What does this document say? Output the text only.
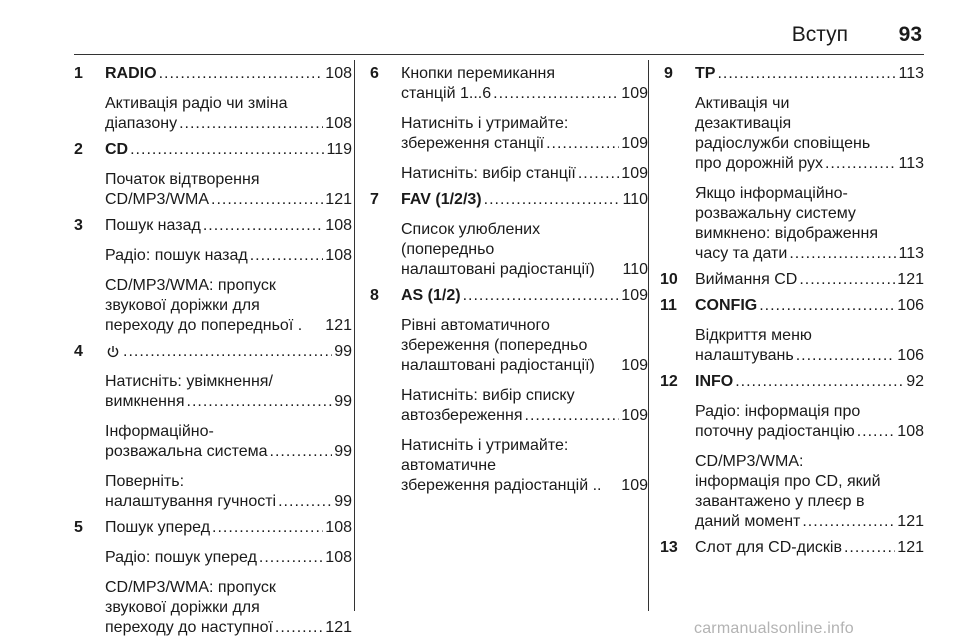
Вступ 93
1 RADIO .....	108
Активація радіо чи зміна
діапазону .....	108
2 CD .....	119
Початок відтворення
CD/MP3/WMA .....	121
3 Пошук назад .....	108
Радіо: пошук назад .....	108
CD/MP3/WMA: пропуск
звукової доріжки для
переходу до попередньої . 121
4 .....	99
Натисніть: увімкнення/
вимкнення .....	99
Інформаційно-
розважальна система .....	99
Поверніть:
налаштування гучності .....	99
5 Пошук уперед .....	108
Радіо: пошук уперед .....	108
CD/MP3/WMA: пропуск
звукової доріжки для
переходу до наступної .....	121
6 Кнопки перемикання
станцій 1...6 .....	109
Натисніть і утримайте:
збереження станції .....	109
Натисніть: вибір станції .....	109
7 FAV (1/2/3) .....	110
Список улюблених
(попередньо
налаштовані радіостанції) 110
8 AS (1/2) .....	109
Рівні автоматичного
збереження (попередньо
налаштовані радіостанції) 109
Натисніть: вибір списку
автозбереження .....	109
Натисніть і утримайте:
автоматичне
збереження радіостанцій .. 109
9 TP .....	113
Активація чи
дезактивація
радіослужби сповіщень
про дорожній рух .....	113
Якщо інформаційно-
розважальну систему
вимкнено: відображення
часу та дати .....	113
10 Виймання CD .....	121
11 CONFIG .....	106
Відкриття меню
налаштувань .....	106
12 INFO .....	92
Радіо: інформація про
поточну радіостанцію .....	108
CD/MP3/WMA:
інформація про CD, який
завантажено у плеєр в
даний момент .....	121
13 Слот для CD-дисків .....	121
carmanualsonline.info
